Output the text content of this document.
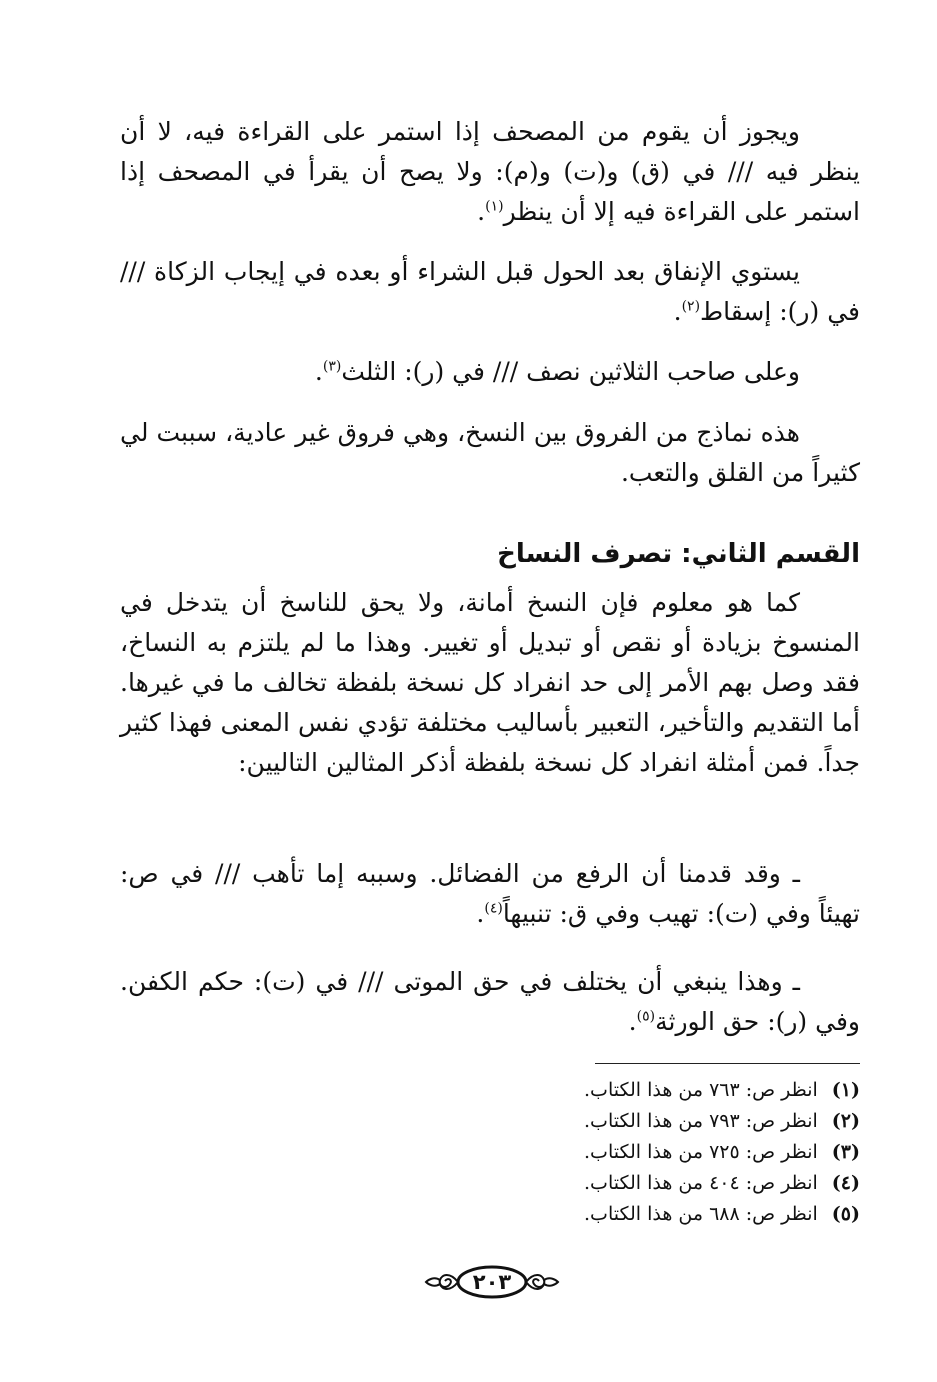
ويجوز أن يقوم من المصحف إذا استمر على القراءة فيه، لا أن ينظر فيه /// في (ق) و(ت) و(م): ولا يصح أن يقرأ في المصحف إذا استمر على القراءة فيه إلا أن ينظر$^{(١)}$.

يستوي الإنفاق بعد الحول قبل الشراء أو بعده في إيجاب الزكاة /// في (ر): إسقاط$^{(٢)}$.

وعلى صاحب الثلاثين نصف /// في (ر): الثلث$^{(٣)}$.

هذه نماذج من الفروق بين النسخ، وهي فروق غير عادية، سببت لي كثيراً من القلق والتعب.

القسم الثاني: تصرف النساخ

كما هو معلوم فإن النسخ أمانة، ولا يحق للناسخ أن يتدخل في المنسوخ بزيادة أو نقص أو تبديل أو تغيير. وهذا ما لم يلتزم به النساخ، فقد وصل بهم الأمر إلى حد انفراد كل نسخة بلفظة تخالف ما في غيرها. أما التقديم والتأخير، التعبير بأساليب مختلفة تؤدي نفس المعنى فهذا كثير جداً. فمن أمثلة انفراد كل نسخة بلفظة أذكر المثالين التاليين:

ـ وقد قدمنا أن الرفع من الفضائل. وسببه إما تأهب /// في ص: تهيئاً وفي (ت): تهيب وفي ق: تنبيهاً$^{(٤)}$.

ـ وهذا ينبغي أن يختلف في حق الموتى /// في (ت): حكم الكفن. وفي (ر): حق الورثة$^{(٥)}$.

(١)انظر ص: ٧٦٣ من هذا الكتاب.

(٢)انظر ص: ٧٩٣ من هذا الكتاب.

(٣)انظر ص: ٧٢٥ من هذا الكتاب.

(٤)انظر ص: ٤٠٤ من هذا الكتاب.

(٥)انظر ص: ٦٨٨ من هذا الكتاب.

٢٠٣
